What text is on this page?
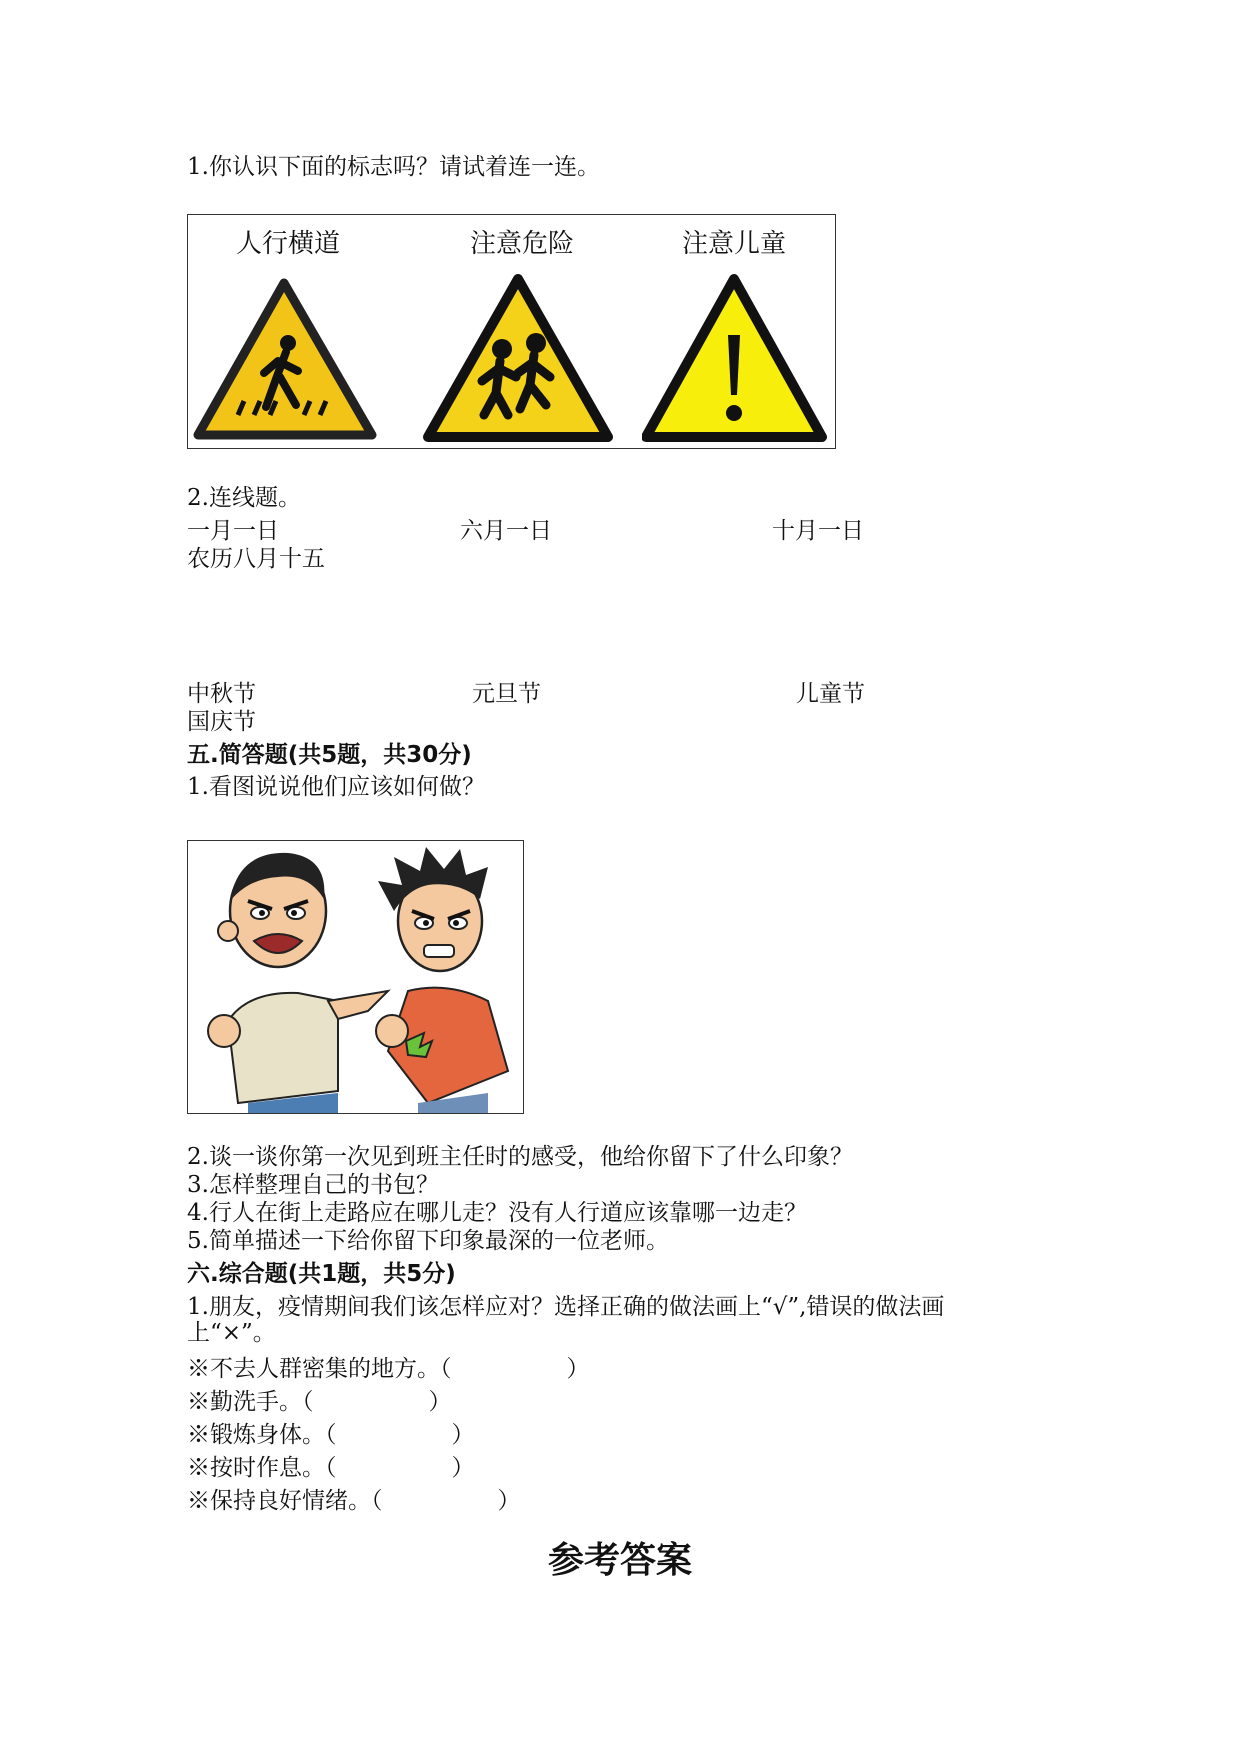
1.你认识下面的标志吗？请试着连一连。
人行横道	注意危险	注意儿童
2.连线题。
一月一日	六月一日	十月一日
农历八月十五
中秋节	元旦节	儿童节
国庆节
五.简答题(共5题，共30分)
1.看图说说他们应该如何做？
2.谈一谈你第一次见到班主任时的感受，他给你留下了什么印象？
3.怎样整理自己的书包？
4.行人在街上走路应在哪儿走？没有人行道应该靠哪一边走？
5.简单描述一下给你留下印象最深的一位老师。
六.综合题(共1题，共5分)
1.朋友，疫情期间我们该怎样应对？选择正确的做法画上“√”,错误的做法画
上“×”。
※不去人群密集的地方。（　　　　　）
※勤洗手。（　　　　　）
※锻炼身体。（　　　　　）
※按时作息。（　　　　　）
※保持良好情绪。（　　　　　）
参考答案
